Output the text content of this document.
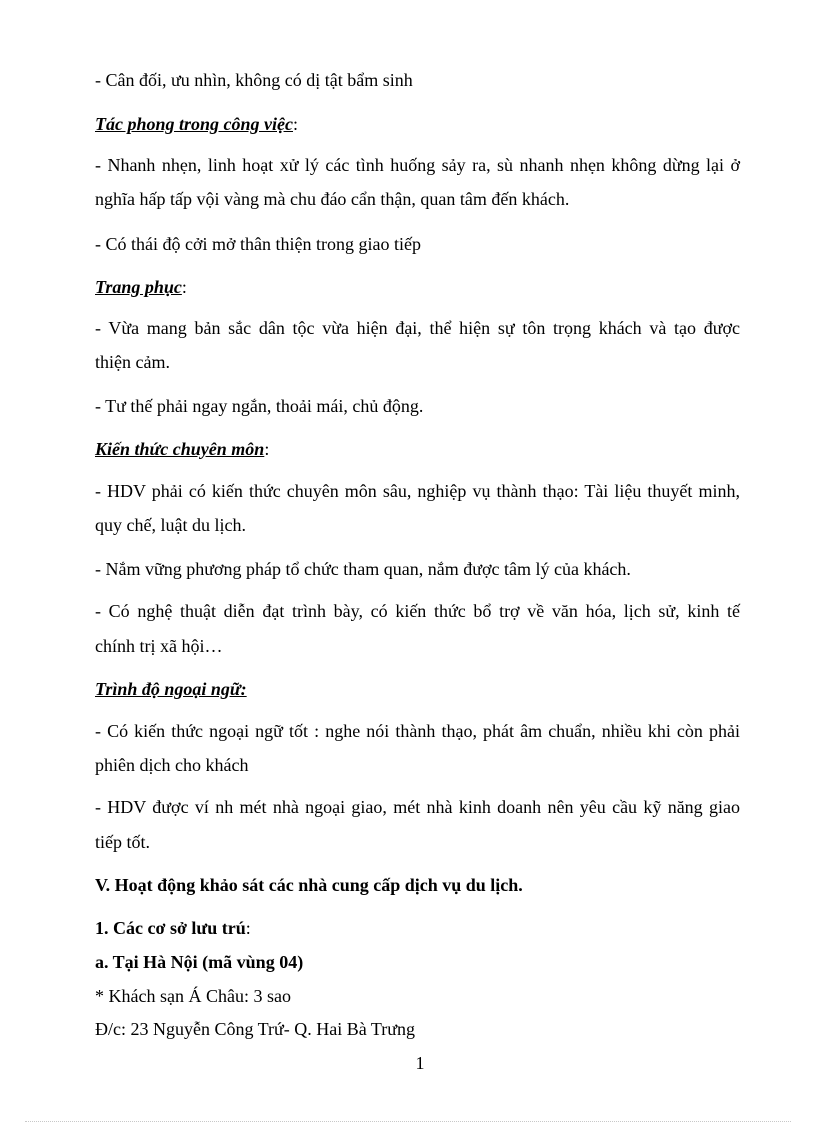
- Cân đối, ưu nhìn, không có dị tật bẩm sinh
Tác phong trong công việc:
- Nhanh nhẹn, linh hoạt xử lý các tình huống sảy ra, sù nhanh nhẹn không dừng lại ở
nghĩa hấp tấp vội vàng mà chu đáo cẩn thận, quan tâm đến khách.
- Có thái độ cởi mở thân thiện trong giao tiếp
Trang phục:
- Vừa mang bản sắc dân tộc vừa hiện đại, thể hiện sự tôn trọng khách và tạo được
thiện cảm.
- Tư thế phải ngay ngắn, thoải mái, chủ động.
Kiến thức chuyên môn:
- HDV phải có kiến thức chuyên môn sâu, nghiệp vụ thành thạo: Tài liệu thuyết minh,
quy chế, luật du lịch.
- Nắm vững phương pháp tổ chức tham quan, nắm được tâm lý của khách.
- Có nghệ thuật diễn đạt trình bày, có kiến thức bổ trợ về văn hóa, lịch sử, kinh tế
chính trị xã hội…
Trình độ ngoại ngữ:
- Có kiến thức ngoại ngữ tốt : nghe nói thành thạo, phát âm chuẩn, nhiều khi còn phải
phiên dịch cho khách
- HDV được ví nh mét nhà ngoại giao, mét nhà kinh doanh nên yêu cầu kỹ năng giao
tiếp tốt.
V. Hoạt động khảo sát các nhà cung cấp dịch vụ du lịch.
1. Các cơ sở lưu trú:
a. Tại Hà Nội (mã vùng 04)
* Khách sạn Á Châu: 3 sao
Đ/c: 23 Nguyễn Công Trứ- Q. Hai Bà Trưng
1
